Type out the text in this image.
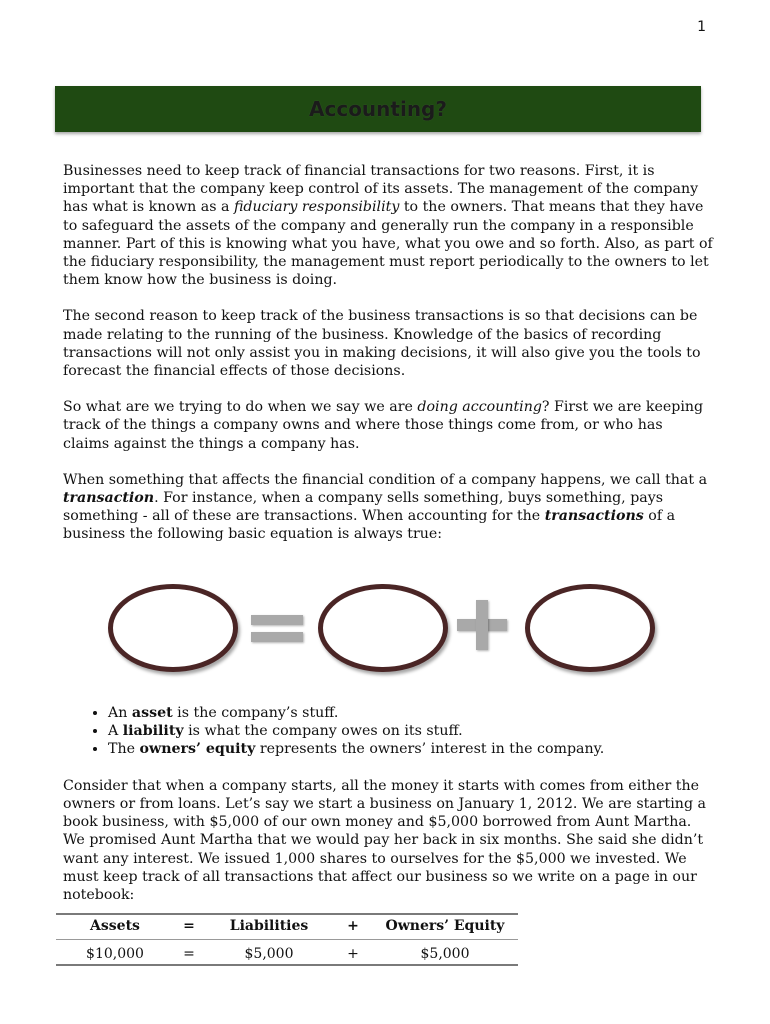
1
Accounting?

Businesses need to keep track of financial transactions for two reasons. First, it is important that the company keep control of its assets. The management of the company has what is known as a fiduciary responsibility to the owners. That means that they have to safeguard the assets of the company and generally run the company in a responsible manner. Part of this is knowing what you have, what you owe and so forth. Also, as part of the fiduciary responsibility, the management must report periodically to the owners to let them know how the business is doing.

The second reason to keep track of the business transactions is so that decisions can be made relating to the running of the business. Knowledge of the basics of recording transactions will not only assist you in making decisions, it will also give you the tools to forecast the financial effects of those decisions.

So what are we trying to do when we say we are doing accounting? First we are keeping track of the things a company owns and where those things come from, or who has claims against the things a company has.

When something that affects the financial condition of a company happens, we call that a transaction. For instance, when a company sells something, buys something, pays something - all of these are transactions. When accounting for the transactions of a business the following basic equation is always true:

• An asset is the company’s stuff.
• A liability is what the company owes on its stuff.
• The owners’ equity represents the owners’ interest in the company.

Consider that when a company starts, all the money it starts with comes from either the owners or from loans. Let’s say we start a business on January 1, 2012. We are starting a book business, with $5,000 of our own money and $5,000 borrowed from Aunt Martha. We promised Aunt Martha that we would pay her back in six months. She said she didn’t want any interest. We issued 1,000 shares to ourselves for the $5,000 we invested. We must keep track of all transactions that affect our business so we write on a page in our notebook:

Assets	=	Liabilities	+	Owners’ Equity
$10,000	=	$5,000	+	$5,000
